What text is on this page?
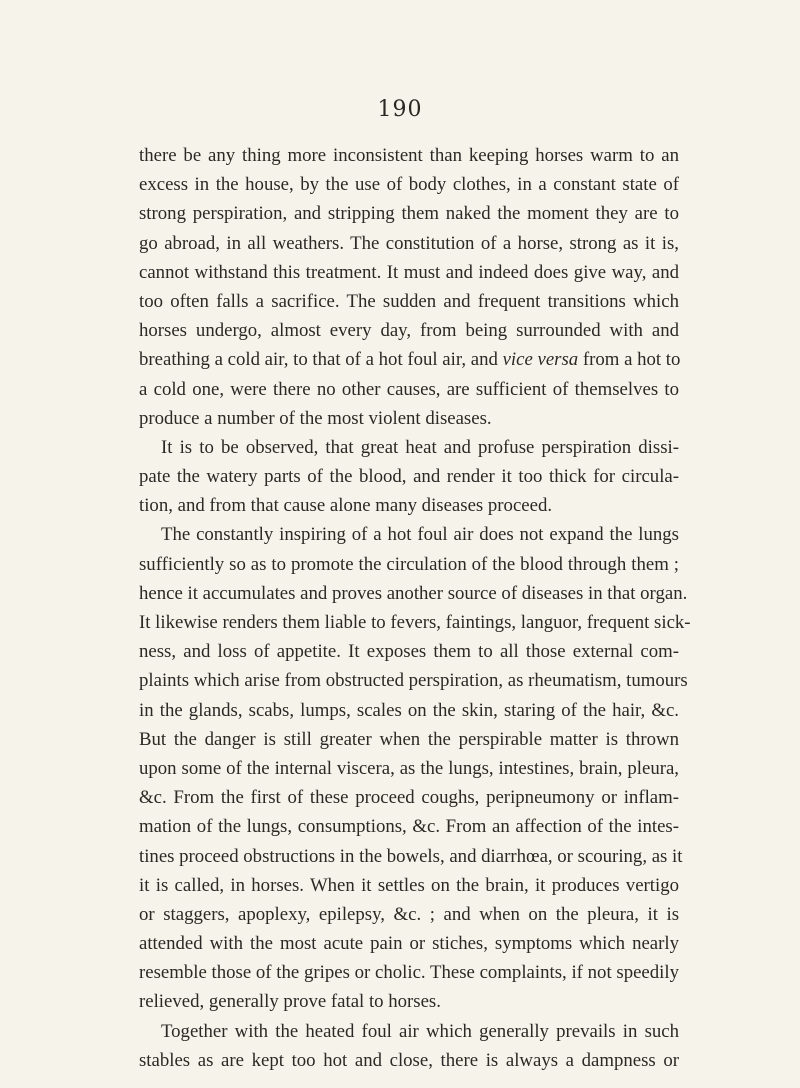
190
there be any thing more inconsistent than keeping horses warm to an
excess in the house, by the use of body clothes, in a constant state of
strong perspiration, and stripping them naked the moment they are to
go abroad, in all weathers. The constitution of a horse, strong as it is,
cannot withstand this treatment. It must and indeed does give way, and
too often falls a sacrifice. The sudden and frequent transitions which
horses undergo, almost every day, from being surrounded with and
breathing a cold air, to that of a hot foul air, and vice versa from a hot to
a cold one, were there no other causes, are sufficient of themselves to
produce a number of the most violent diseases.
It is to be observed, that great heat and profuse perspiration dissi-
pate the watery parts of the blood, and render it too thick for circula-
tion, and from that cause alone many diseases proceed.
The constantly inspiring of a hot foul air does not expand the lungs
sufficiently so as to promote the circulation of the blood through them ;
hence it accumulates and proves another source of diseases in that organ.
It likewise renders them liable to fevers, faintings, languor, frequent sick-
ness, and loss of appetite. It exposes them to all those external com-
plaints which arise from obstructed perspiration, as rheumatism, tumours
in the glands, scabs, lumps, scales on the skin, staring of the hair, &c.
But the danger is still greater when the perspirable matter is thrown
upon some of the internal viscera, as the lungs, intestines, brain, pleura,
&c. From the first of these proceed coughs, peripneumony or inflam-
mation of the lungs, consumptions, &c. From an affection of the intes-
tines proceed obstructions in the bowels, and diarrhœa, or scouring, as it
it is called, in horses. When it settles on the brain, it produces vertigo
or staggers, apoplexy, epilepsy, &c. ; and when on the pleura, it is
attended with the most acute pain or stiches, symptoms which nearly
resemble those of the gripes or cholic. These complaints, if not speedily
relieved, generally prove fatal to horses.
Together with the heated foul air which generally prevails in such
stables as are kept too hot and close, there is always a dampness or
